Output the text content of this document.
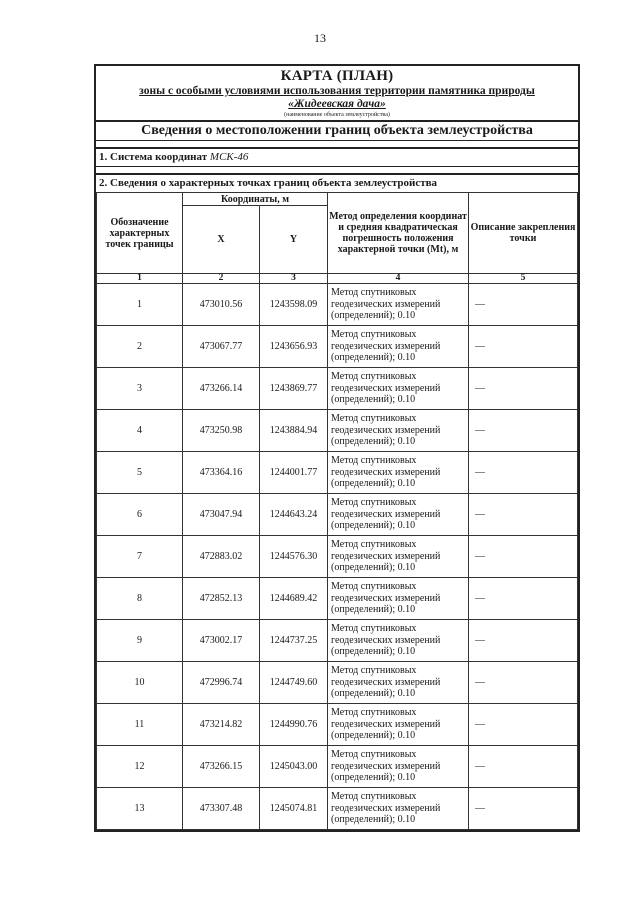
13
КАРТА (ПЛАН)
зоны с особыми условиями использования территории памятника природы
«Жидеевская дача»
(наименование объекта землеустройства)
Сведения о местоположении границ объекта землеустройства
1. Система координат МСК-46
2. Сведения о характерных точках границ объекта землеустройства
Обозначение характерных точек границы	Координаты, м		Метод определения координат и средняя квадратическая погрешность положения характерной точки (Mt), м	Описание закрепления точки
	X	Y		
1	2	3	4	5
1	473010.56	1243598.09	Метод спутниковых геодезических измерений (определений); 0.10	—
2	473067.77	1243656.93	Метод спутниковых геодезических измерений (определений); 0.10	—
3	473266.14	1243869.77	Метод спутниковых геодезических измерений (определений); 0.10	—
4	473250.98	1243884.94	Метод спутниковых геодезических измерений (определений); 0.10	—
5	473364.16	1244001.77	Метод спутниковых геодезических измерений (определений); 0.10	—
6	473047.94	1244643.24	Метод спутниковых геодезических измерений (определений); 0.10	—
7	472883.02	1244576.30	Метод спутниковых геодезических измерений (определений); 0.10	—
8	472852.13	1244689.42	Метод спутниковых геодезических измерений (определений); 0.10	—
9	473002.17	1244737.25	Метод спутниковых геодезических измерений (определений); 0.10	—
10	472996.74	1244749.60	Метод спутниковых геодезических измерений (определений); 0.10	—
11	473214.82	1244990.76	Метод спутниковых геодезических измерений (определений); 0.10	—
12	473266.15	1245043.00	Метод спутниковых геодезических измерений (определений); 0.10	—
13	473307.48	1245074.81	Метод спутниковых геодезических измерений (определений); 0.10	—
